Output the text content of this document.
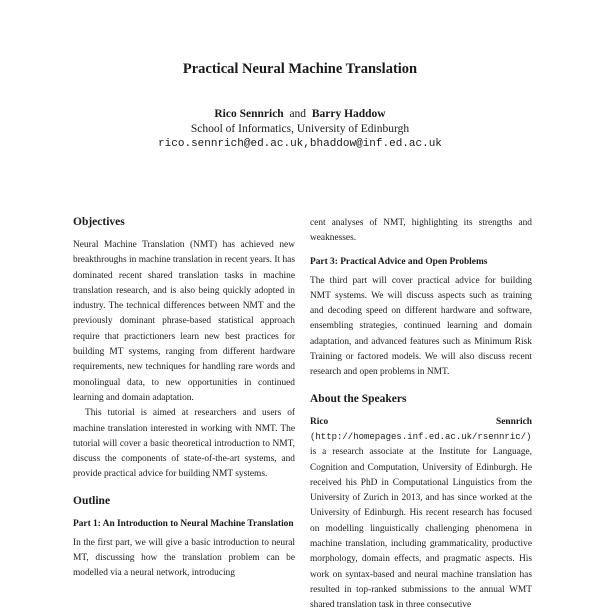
Practical Neural Machine Translation
Rico Sennrich and Barry Haddow
School of Informatics, University of Edinburgh
rico.sennrich@ed.ac.uk,bhaddow@inf.ed.ac.uk
Objectives

Neural Machine Translation (NMT) has achieved new breakthroughs in machine translation in recent years. It has dominated recent shared translation tasks in machine translation research, and is also being quickly adopted in industry. The technical differences between NMT and the previously dominant phrase-based statistical approach require that practictioners learn new best practices for building MT systems, ranging from different hardware requirements, new techniques for handling rare words and monolingual data, to new opportunities in continued learning and domain adaptation.

This tutorial is aimed at researchers and users of machine translation interested in working with NMT. The tutorial will cover a basic theoretical introduction to NMT, discuss the components of state-of-the-art systems, and provide practical advice for building NMT systems.

Outline
Part 1: An Introduction to Neural Machine Translation

In the first part, we will give a basic introduction to neural MT, discussing how the translation problem can be modelled via a neural network, introducing

cent analyses of NMT, highlighting its strengths and weaknesses.

Part 3: Practical Advice and Open Problems

The third part will cover practical advice for building NMT systems. We will discuss aspects such as training and decoding speed on different hardware and software, ensembling strategies, continued learning and domain adaptation, and advanced features such as Minimum Risk Training or factored models. We will also discuss recent research and open problems in NMT.

About the Speakers

Rico Sennrich (http://homepages.inf.ed.ac.uk/rsennric/) is a research associate at the Institute for Language, Cognition and Computation, University of Edinburgh. He received his PhD in Computational Linguistics from the University of Zurich in 2013, and has since worked at the University of Edinburgh. His recent research has focused on modelling linguistically challenging phenomena in machine translation, including grammaticality, productive morphology, domain effects, and pragmatic aspects. His work on syntax-based and neural machine translation has resulted in top-ranked submissions to the annual WMT shared translation task in three consecutive
